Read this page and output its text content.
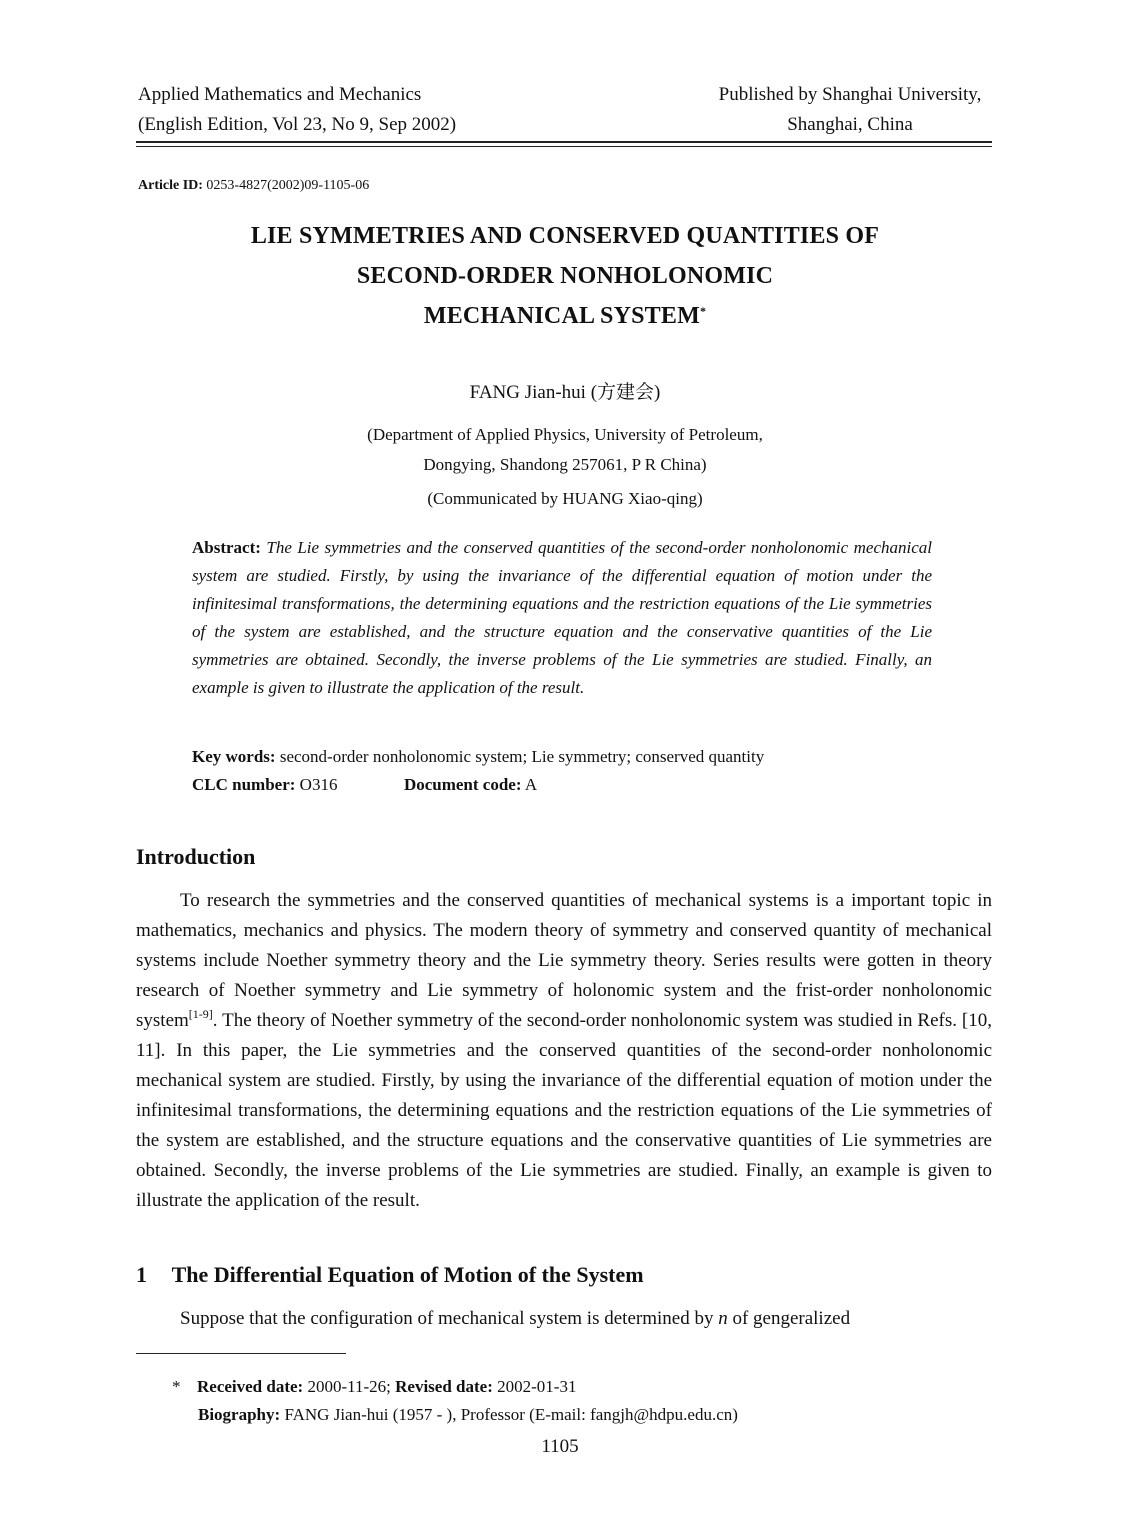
Applied Mathematics and Mechanics
(English Edition, Vol 23, No 9, Sep 2002)
Published by Shanghai University,
Shanghai, China
Article ID: 0253-4827(2002)09-1105-06
LIE SYMMETRIES AND CONSERVED QUANTITIES OF
SECOND-ORDER NONHOLONOMIC
MECHANICAL SYSTEM*
FANG Jian-hui (方建会)
(Department of Applied Physics, University of Petroleum,
Dongying, Shandong 257061, P R China)
(Communicated by HUANG Xiao-qing)
Abstract: The Lie symmetries and the conserved quantities of the second-order nonholonomic mechanical system are studied. Firstly, by using the invariance of the differential equation of motion under the infinitesimal transformations, the determining equations and the restriction equations of the Lie symmetries of the system are established, and the structure equation and the conservative quantities of the Lie symmetries are obtained. Secondly, the inverse problems of the Lie symmetries are studied. Finally, an example is given to illustrate the application of the result.
Key words: second-order nonholonomic system; Lie symmetry; conserved quantity
CLC number: O316	Document code: A
Introduction

To research the symmetries and the conserved quantities of mechanical systems is a important topic in mathematics, mechanics and physics. The modern theory of symmetry and conserved quantity of mechanical systems include Noether symmetry theory and the Lie symmetry theory. Series results were gotten in theory research of Noether symmetry and Lie symmetry of holonomic system and the frist-order nonholonomic system[1-9]. The theory of Noether symmetry of the second-order nonholonomic system was studied in Refs. [10, 11]. In this paper, the Lie symmetries and the conserved quantities of the second-order nonholonomic mechanical system are studied. Firstly, by using the invariance of the differential equation of motion under the infinitesimal transformations, the determining equations and the restriction equations of the Lie symmetries of the system are established, and the structure equations and the conservative quantities of Lie symmetries are obtained. Secondly, the inverse problems of the Lie symmetries are studied. Finally, an example is given to illustrate the application of the result.

1 The Differential Equation of Motion of the System

Suppose that the configuration of mechanical system is determined by n of gengeralized

* Received date: 2000-11-26; Revised date: 2002-01-31
Biography: FANG Jian-hui (1957 - ), Professor (E-mail: fangjh@hdpu.edu.cn)
1105
